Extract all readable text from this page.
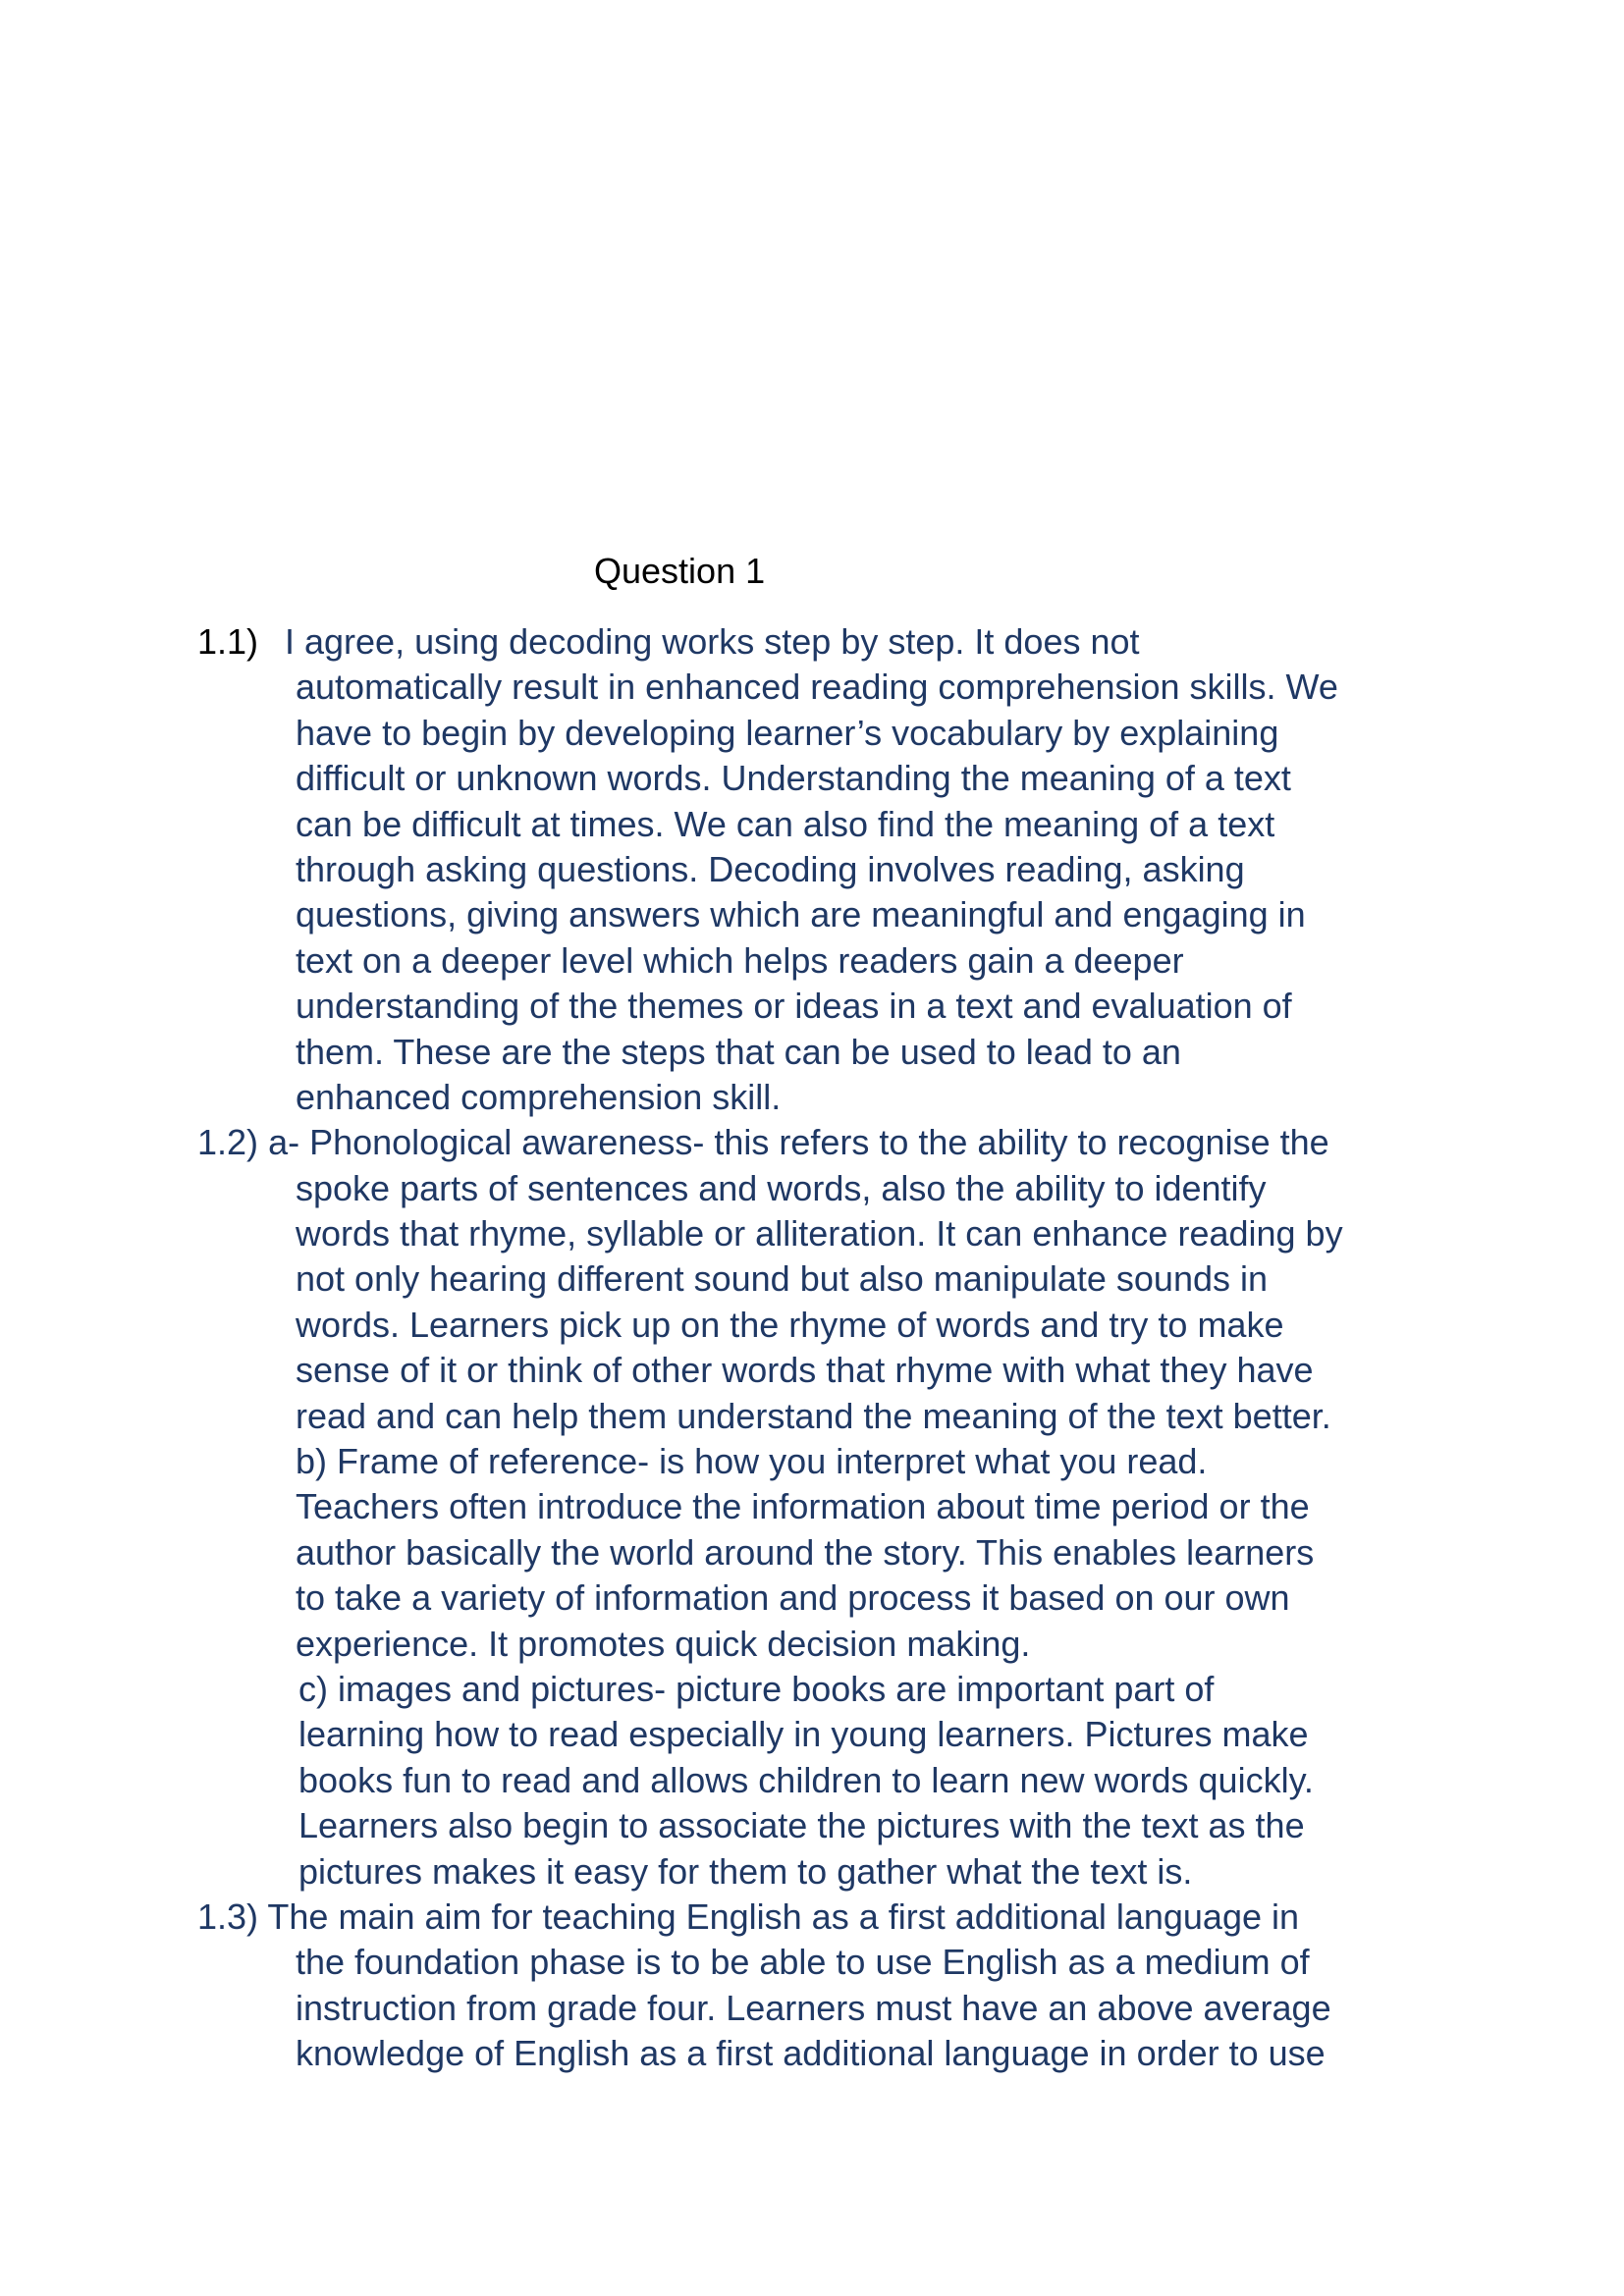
Question 1
1.1) I agree, using decoding works step by step. It does not
automatically result in enhanced reading comprehension skills. We
have to begin by developing learner’s vocabulary by explaining
difficult or unknown words. Understanding the meaning of a text
can be difficult at times. We can also find the meaning of a text
through asking questions. Decoding involves reading, asking
questions, giving answers which are meaningful and engaging in
text on a deeper level which helps readers gain a deeper
understanding of the themes or ideas in a text and evaluation of
them. These are the steps that can be used to lead to an
enhanced comprehension skill.
1.2) a- Phonological awareness- this refers to the ability to recognise the
spoke parts of sentences and words, also the ability to identify
words that rhyme, syllable or alliteration. It can enhance reading by
not only hearing different sound but also manipulate sounds in
words. Learners pick up on the rhyme of words and try to make
sense of it or think of other words that rhyme with what they have
read and can help them understand the meaning of the text better.
b) Frame of reference- is how you interpret what you read.
Teachers often introduce the information about time period or the
author basically the world around the story. This enables learners
to take a variety of information and process it based on our own
experience. It promotes quick decision making.
c) images and pictures- picture books are important part of
learning how to read especially in young learners. Pictures make
books fun to read and allows children to learn new words quickly.
Learners also begin to associate the pictures with the text as the
pictures makes it easy for them to gather what the text is.
1.3) The main aim for teaching English as a first additional language in
the foundation phase is to be able to use English as a medium of
instruction from grade four. Learners must have an above average
knowledge of English as a first additional language in order to use
